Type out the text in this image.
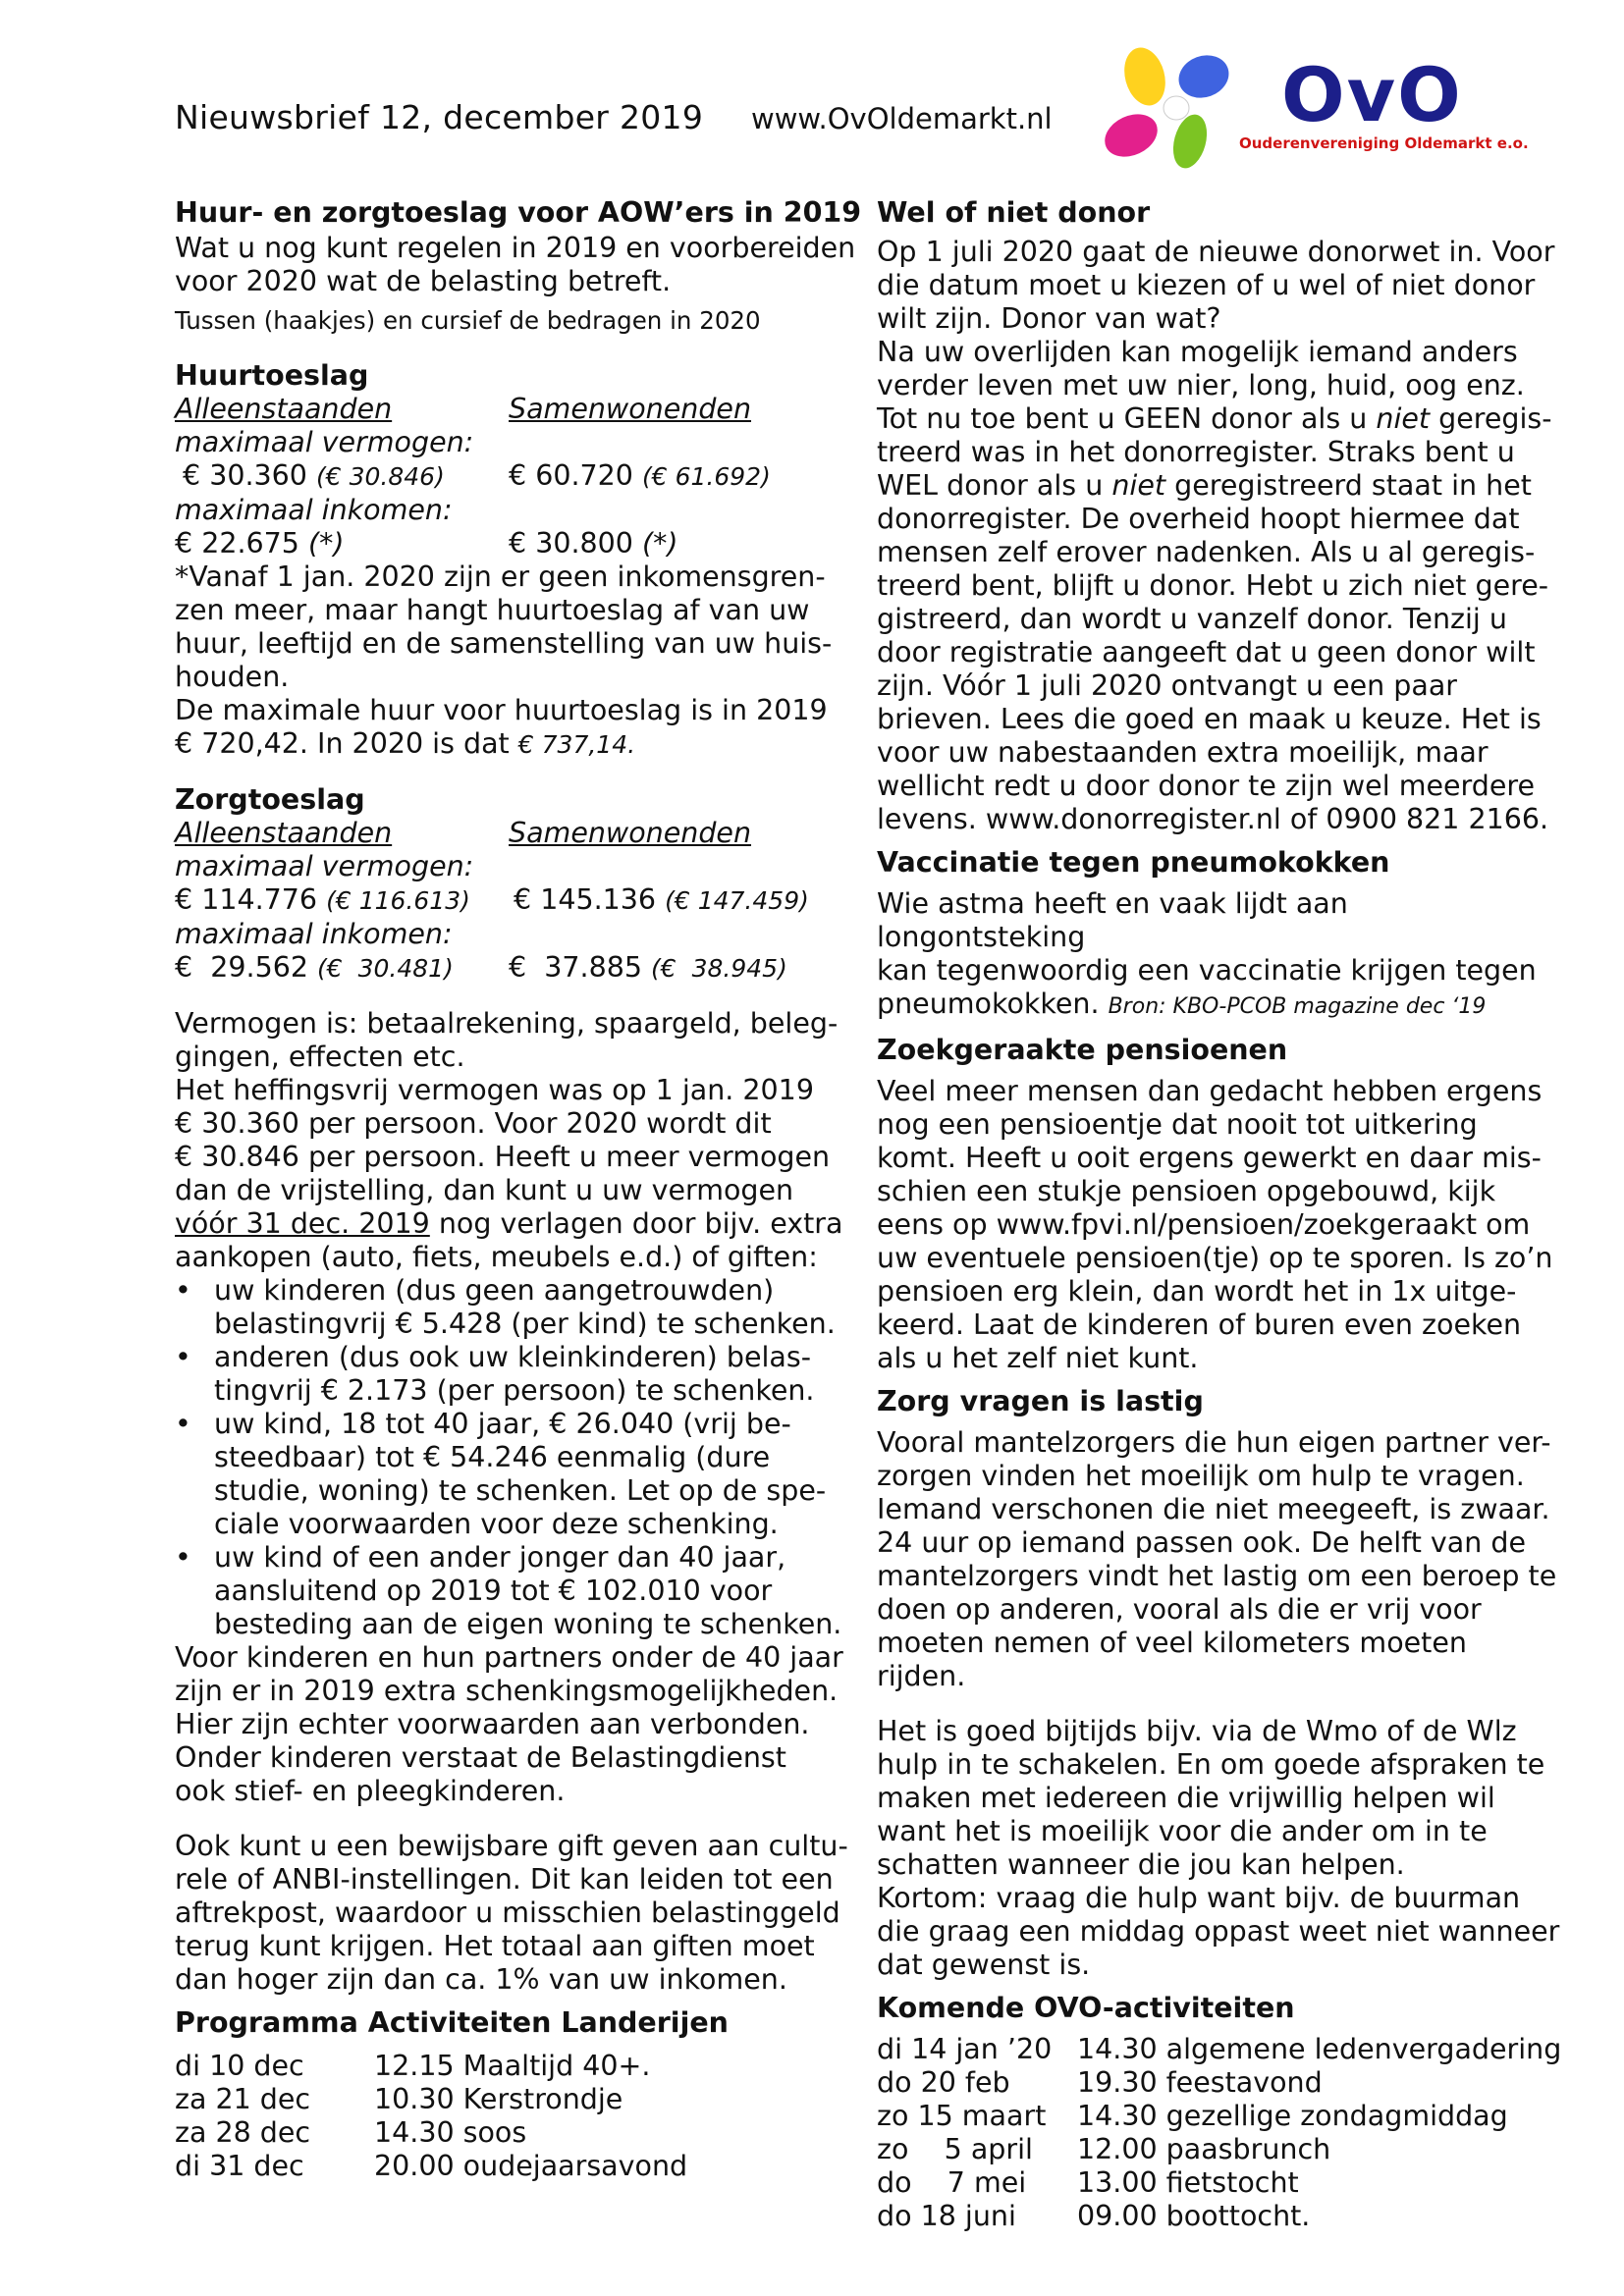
Nieuwsbrief 12, december 2019 www.OvOldemarkt.nl	OvO
Ouderenvereniging Oldemarkt e.o.

Huur- en zorgtoeslag voor AOW’ers in 2019

Wat u nog kunt regelen in 2019 en voorbereiden

voor 2020 wat de belasting betreft.

Tussen (haakjes) en cursief de bedragen in 2020

Huurtoeslag

Alleenstaanden	Samenwonenden

maximaal vermogen:

€ 30.360 (€ 30.846)	€ 60.720 (€ 61.692)

maximaal inkomen:

€ 22.675 (*)	€ 30.800 (*)

*Vanaf 1 jan. 2020 zijn er geen inkomensgren-

zen meer, maar hangt huurtoeslag af van uw

huur, leeftijd en de samenstelling van uw huis-

houden.

De maximale huur voor huurtoeslag is in 2019

€ 720,42. In 2020 is dat € 737,14.

Zorgtoeslag

Alleenstaanden	Samenwonenden

maximaal vermogen:

€ 114.776 (€ 116.613)	€ 145.136 (€ 147.459)

maximaal inkomen:

€  29.562 (€  30.481)	€  37.885 (€  38.945)

Vermogen is: betaalrekening, spaargeld, beleg-

gingen, effecten etc.

Het heffingsvrij vermogen was op 1 jan. 2019

€ 30.360 per persoon. Voor 2020 wordt dit

€ 30.846 per persoon. Heeft u meer vermogen

dan de vrijstelling, dan kunt u uw vermogen

vóór 31 dec. 2019 nog verlagen door bijv. extra

aankopen (auto, fiets, meubels e.d.) of giften:

• uw kinderen (dus geen aangetrouwden)
belastingvrij € 5.428 (per kind) te schenken.
• anderen (dus ook uw kleinkinderen) belas-
tingvrij € 2.173 (per persoon) te schenken.
• uw kind, 18 tot 40 jaar, € 26.040 (vrij be-
steedbaar) tot € 54.246 eenmalig (dure
studie, woning) te schenken. Let op de spe-
ciale voorwaarden voor deze schenking.
• uw kind of een ander jonger dan 40 jaar,
aansluitend op 2019 tot € 102.010 voor
besteding aan de eigen woning te schenken.

Voor kinderen en hun partners onder de 40 jaar

zijn er in 2019 extra schenkingsmogelijkheden.

Hier zijn echter voorwaarden aan verbonden.

Onder kinderen verstaat de Belastingdienst

ook stief- en pleegkinderen.

Ook kunt u een bewijsbare gift geven aan cultu-

rele of ANBI-instellingen. Dit kan leiden tot een

aftrekpost, waardoor u misschien belastinggeld

terug kunt krijgen. Het totaal aan giften moet

dan hoger zijn dan ca. 1% van uw inkomen.

Programma Activiteiten Landerijen

di 10 dec	12.15 Maaltijd 40+.
za 21 dec	10.30 Kerstrondje
za 28 dec	14.30 soos
di 31 dec	20.00 oudejaarsavond

Wel of niet donor

Op 1 juli 2020 gaat de nieuwe donorwet in. Voor

die datum moet u kiezen of u wel of niet donor

wilt zijn. Donor van wat?

Na uw overlijden kan mogelijk iemand anders

verder leven met uw nier, long, huid, oog enz.

Tot nu toe bent u GEEN donor als u niet geregis-

treerd was in het donorregister. Straks bent u

WEL donor als u niet geregistreerd staat in het

donorregister. De overheid hoopt hiermee dat

mensen zelf erover nadenken. Als u al geregis-

treerd bent, blijft u donor. Hebt u zich niet gere-

gistreerd, dan wordt u vanzelf donor. Tenzij u

door registratie aangeeft dat u geen donor wilt

zijn. Vóór 1 juli 2020 ontvangt u een paar

brieven. Lees die goed en maak u keuze. Het is

voor uw nabestaanden extra moeilijk, maar

wellicht redt u door donor te zijn wel meerdere

levens. www.donorregister.nl of 0900 821 2166.

Vaccinatie tegen pneumokokken

Wie astma heeft en vaak lijdt aan longontsteking

kan tegenwoordig een vaccinatie krijgen tegen

pneumokokken. Bron: KBO-PCOB magazine dec ‘19

Zoekgeraakte pensioenen

Veel meer mensen dan gedacht hebben ergens

nog een pensioentje dat nooit tot uitkering

komt. Heeft u ooit ergens gewerkt en daar mis-

schien een stukje pensioen opgebouwd, kijk

eens op www.fpvi.nl/pensioen/zoekgeraakt om

uw eventuele pensioen(tje) op te sporen. Is zo’n

pensioen erg klein, dan wordt het in 1x uitge-

keerd. Laat de kinderen of buren even zoeken

als u het zelf niet kunt.

Zorg vragen is lastig

Vooral mantelzorgers die hun eigen partner ver-

zorgen vinden het moeilijk om hulp te vragen.

Iemand verschonen die niet meegeeft, is zwaar.

24 uur op iemand passen ook. De helft van de

mantelzorgers vindt het lastig om een beroep te

doen op anderen, vooral als die er vrij voor

moeten nemen of veel kilometers moeten rijden.

Het is goed bijtijds bijv. via de Wmo of de Wlz

hulp in te schakelen. En om goede afspraken te

maken met iedereen die vrijwillig helpen wil

want het is moeilijk voor die ander om in te

schatten wanneer die jou kan helpen.

Kortom: vraag die hulp want bijv. de buurman

die graag een middag oppast weet niet wanneer

dat gewenst is.

Komende OVO-activiteiten

di 14 jan ’20 14.30 algemene ledenvergadering
do 20 feb	19.30 feestavond
zo 15 maart	14.30 gezellige zondagmiddag
zo    5 april	12.00 paasbrunch
do    7 mei	13.00 fietstocht
do 18 juni	09.00 boottocht.
